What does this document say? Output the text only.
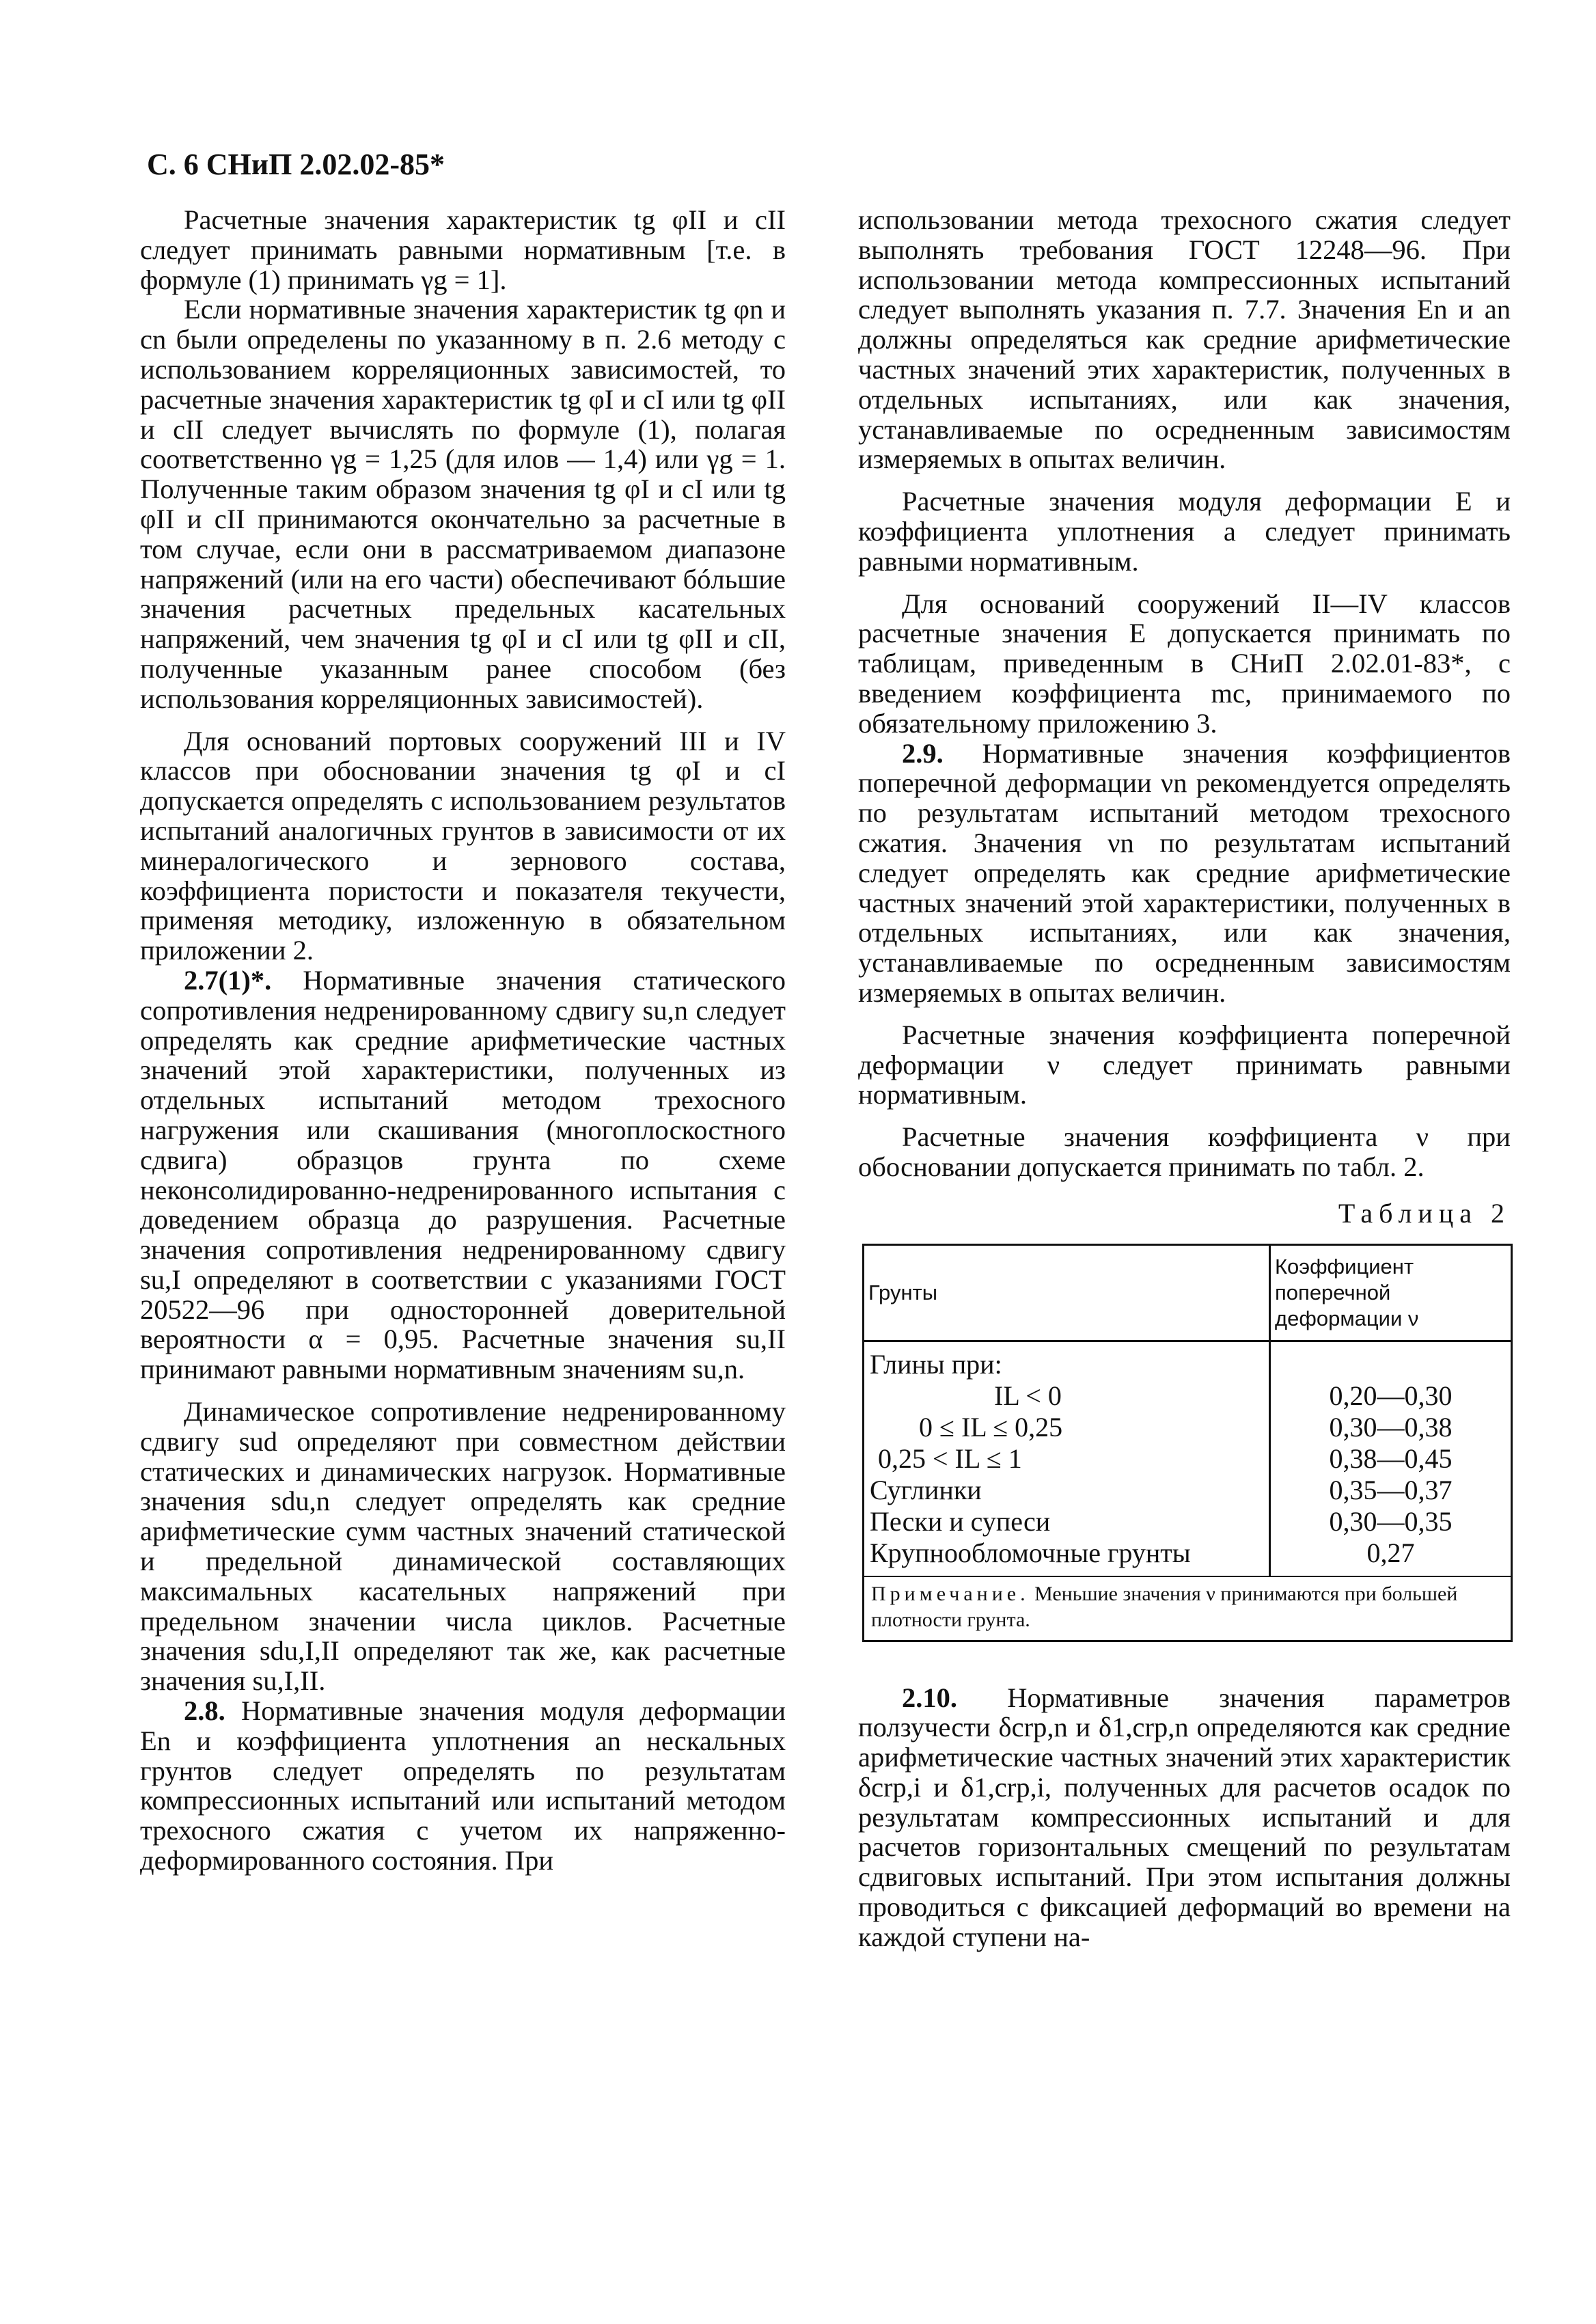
С. 6 СНиП 2.02.02-85*

Расчетные значения характеристик tg φII и cII следует принимать равными нормативным [т.е. в формуле (1) принимать γg = 1].

Если нормативные значения характеристик tg φn и cn были определены по указанному в п. 2.6 методу с использованием корреляционных зависимостей, то расчетные значения характеристик tg φI и cI или tg φII и cII следует вычислять по формуле (1), полагая соответственно γg = 1,25 (для илов — 1,4) или γg = 1. Полученные таким образом значения tg φI и cI или tg φII и cII принимаются окончательно за расчетные в том случае, если они в рассматриваемом диапазоне напряжений (или на его части) обеспечивают бóльшие значения расчетных предельных касательных напряжений, чем значения tg φI и cI или tg φII и cII, полученные указанным ранее способом (без использования корреляционных зависимостей).

Для оснований портовых сооружений III и IV классов при обосновании значения tg φI и cI допускается определять с использованием результатов испытаний аналогичных грунтов в зависимости от их минералогического и зернового состава, коэффициента пористости и показателя текучести, применяя методику, изложенную в обязательном приложении 2.

2.7(1)*. Нормативные значения статического сопротивления недренированному сдвигу su,n следует определять как средние арифметические частных значений этой характеристики, полученных из отдельных испытаний методом трехосного нагружения или скашивания (многоплоскостного сдвига) образцов грунта по схеме неконсолидированно-недренированного испытания с доведением образца до разрушения. Расчетные значения сопротивления недренированному сдвигу su,I определяют в соответствии с указаниями ГОСТ 20522—96 при односторонней доверительной вероятности α = 0,95. Расчетные значения su,II принимают равными нормативным значениям su,n.

Динамическое сопротивление недренированному сдвигу sud определяют при совместном действии статических и динамических нагрузок. Нормативные значения sdu,n следует определять как средние арифметические сумм частных значений статической и предельной динамической составляющих максимальных касательных напряжений при предельном значении числа циклов. Расчетные значения sdu,I,II определяют так же, как расчетные значения su,I,II.

2.8. Нормативные значения модуля деформации En и коэффициента уплотнения an нескальных грунтов следует определять по результатам компрессионных испытаний или испытаний методом трехосного сжатия с учетом их напряженно-деформированного состояния. При

использовании метода трехосного сжатия следует выполнять требования ГОСТ 12248—96. При использовании метода компрессионных испытаний следует выполнять указания п. 7.7. Значения En и an должны определяться как средние арифметические частных значений этих характеристик, полученных в отдельных испытаниях, или как значения, устанавливаемые по осредненным зависимостям измеряемых в опытах величин.

Расчетные значения модуля деформации E и коэффициента уплотнения a следует принимать равными нормативным.

Для оснований сооружений II—IV классов расчетные значения E допускается принимать по таблицам, приведенным в СНиП 2.02.01-83*, с введением коэффициента mc, принимаемого по обязательному приложению 3.

2.9. Нормативные значения коэффициентов поперечной деформации νn рекомендуется определять по результатам испытаний методом трехосного сжатия. Значения νn по результатам испытаний следует определять как средние арифметические частных значений этой характеристики, полученных в отдельных испытаниях, или как значения, устанавливаемые по осредненным зависимостям измеряемых в опытах величин.

Расчетные значения коэффициента поперечной деформации ν следует принимать равными нормативным.

Расчетные значения коэффициента ν при обосновании допускается принимать по табл. 2.

Таблица 2
Грунты	Коэффициент поперечной деформации ν
Глины при:	
IL < 0	0,20—0,30
0 ≤ IL ≤ 0,25	0,30—0,38
0,25 < IL ≤ 1	0,38—0,45
Суглинки	0,35—0,37
Пески и супеси	0,30—0,35
Крупнообломочные грунты	0,27
Примечание. Меньшие значения ν принимаются при большей плотности грунта.	

2.10. Нормативные значения параметров ползучести δcrp,n и δ1,crp,n определяются как средние арифметические частных значений этих характеристик δcrp,i и δ1,crp,i, полученных для расчетов осадок по результатам компрессионных испытаний и для расчетов горизонтальных смещений по результатам сдвиговых испытаний. При этом испытания должны проводиться с фиксацией деформаций во времени на каждой ступени на-
